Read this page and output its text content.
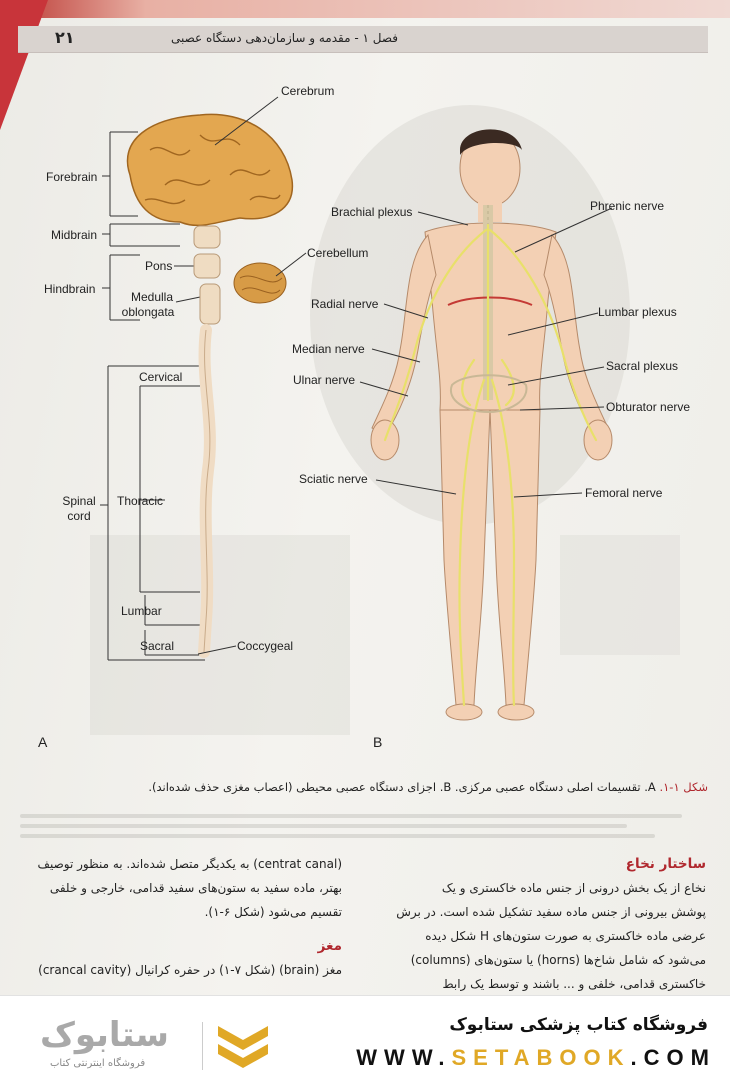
۲۱	فصل ۱ - مقدمه و سازمان‌دهی دستگاه عصبی
Cerebrum
Forebrain
Midbrain
Pons
Hindbrain
Medulla
oblongata
Cerebellum
Cervical
Spinal
cord
Thoracic
Lumbar
Sacral	Coccygeal
A
Brachial plexus	Phrenic nerve
Radial nerve
Lumbar plexus
Median nerve
Sacral plexus
Ulnar nerve
Obturator nerve
Sciatic nerve
Femoral nerve
B
شکل ۱-۱. A. تقسیمات اصلی دستگاه عصبی مرکزی. B. اجزای دستگاه عصبی محیطی (اعصاب مغزی حذف شده‌اند).
(centrat canal) به یکدیگر متصل شده‌اند. به منظور توصیف
بهتر، ماده سفید به ستون‌های سفید قدامی، خارجی و خلفی
تقسیم می‌شود (شکل ۶-۱).
مغز
مغز (brain) (شکل ۷-۱) در حفره کرانیال (crancal cavity)
ساختار نخاع
نخاع از یک بخش درونی از جنس ماده خاکستری و یک
پوشش بیرونی از جنس ماده سفید تشکیل شده است. در برش
عرضی ماده خاکستری به صورت ستون‌های H شکل دیده
می‌شود که شامل شاخ‌ها (horns) یا ستون‌های (columns)
خاکستری قدامی، خلفی و ... باشند و توسط یک رابط
ستابوک
فروشگاه اینترنتی کتاب
فروشگاه کتاب پزشکی ستابوک
WWW.SETABOOK.COM
